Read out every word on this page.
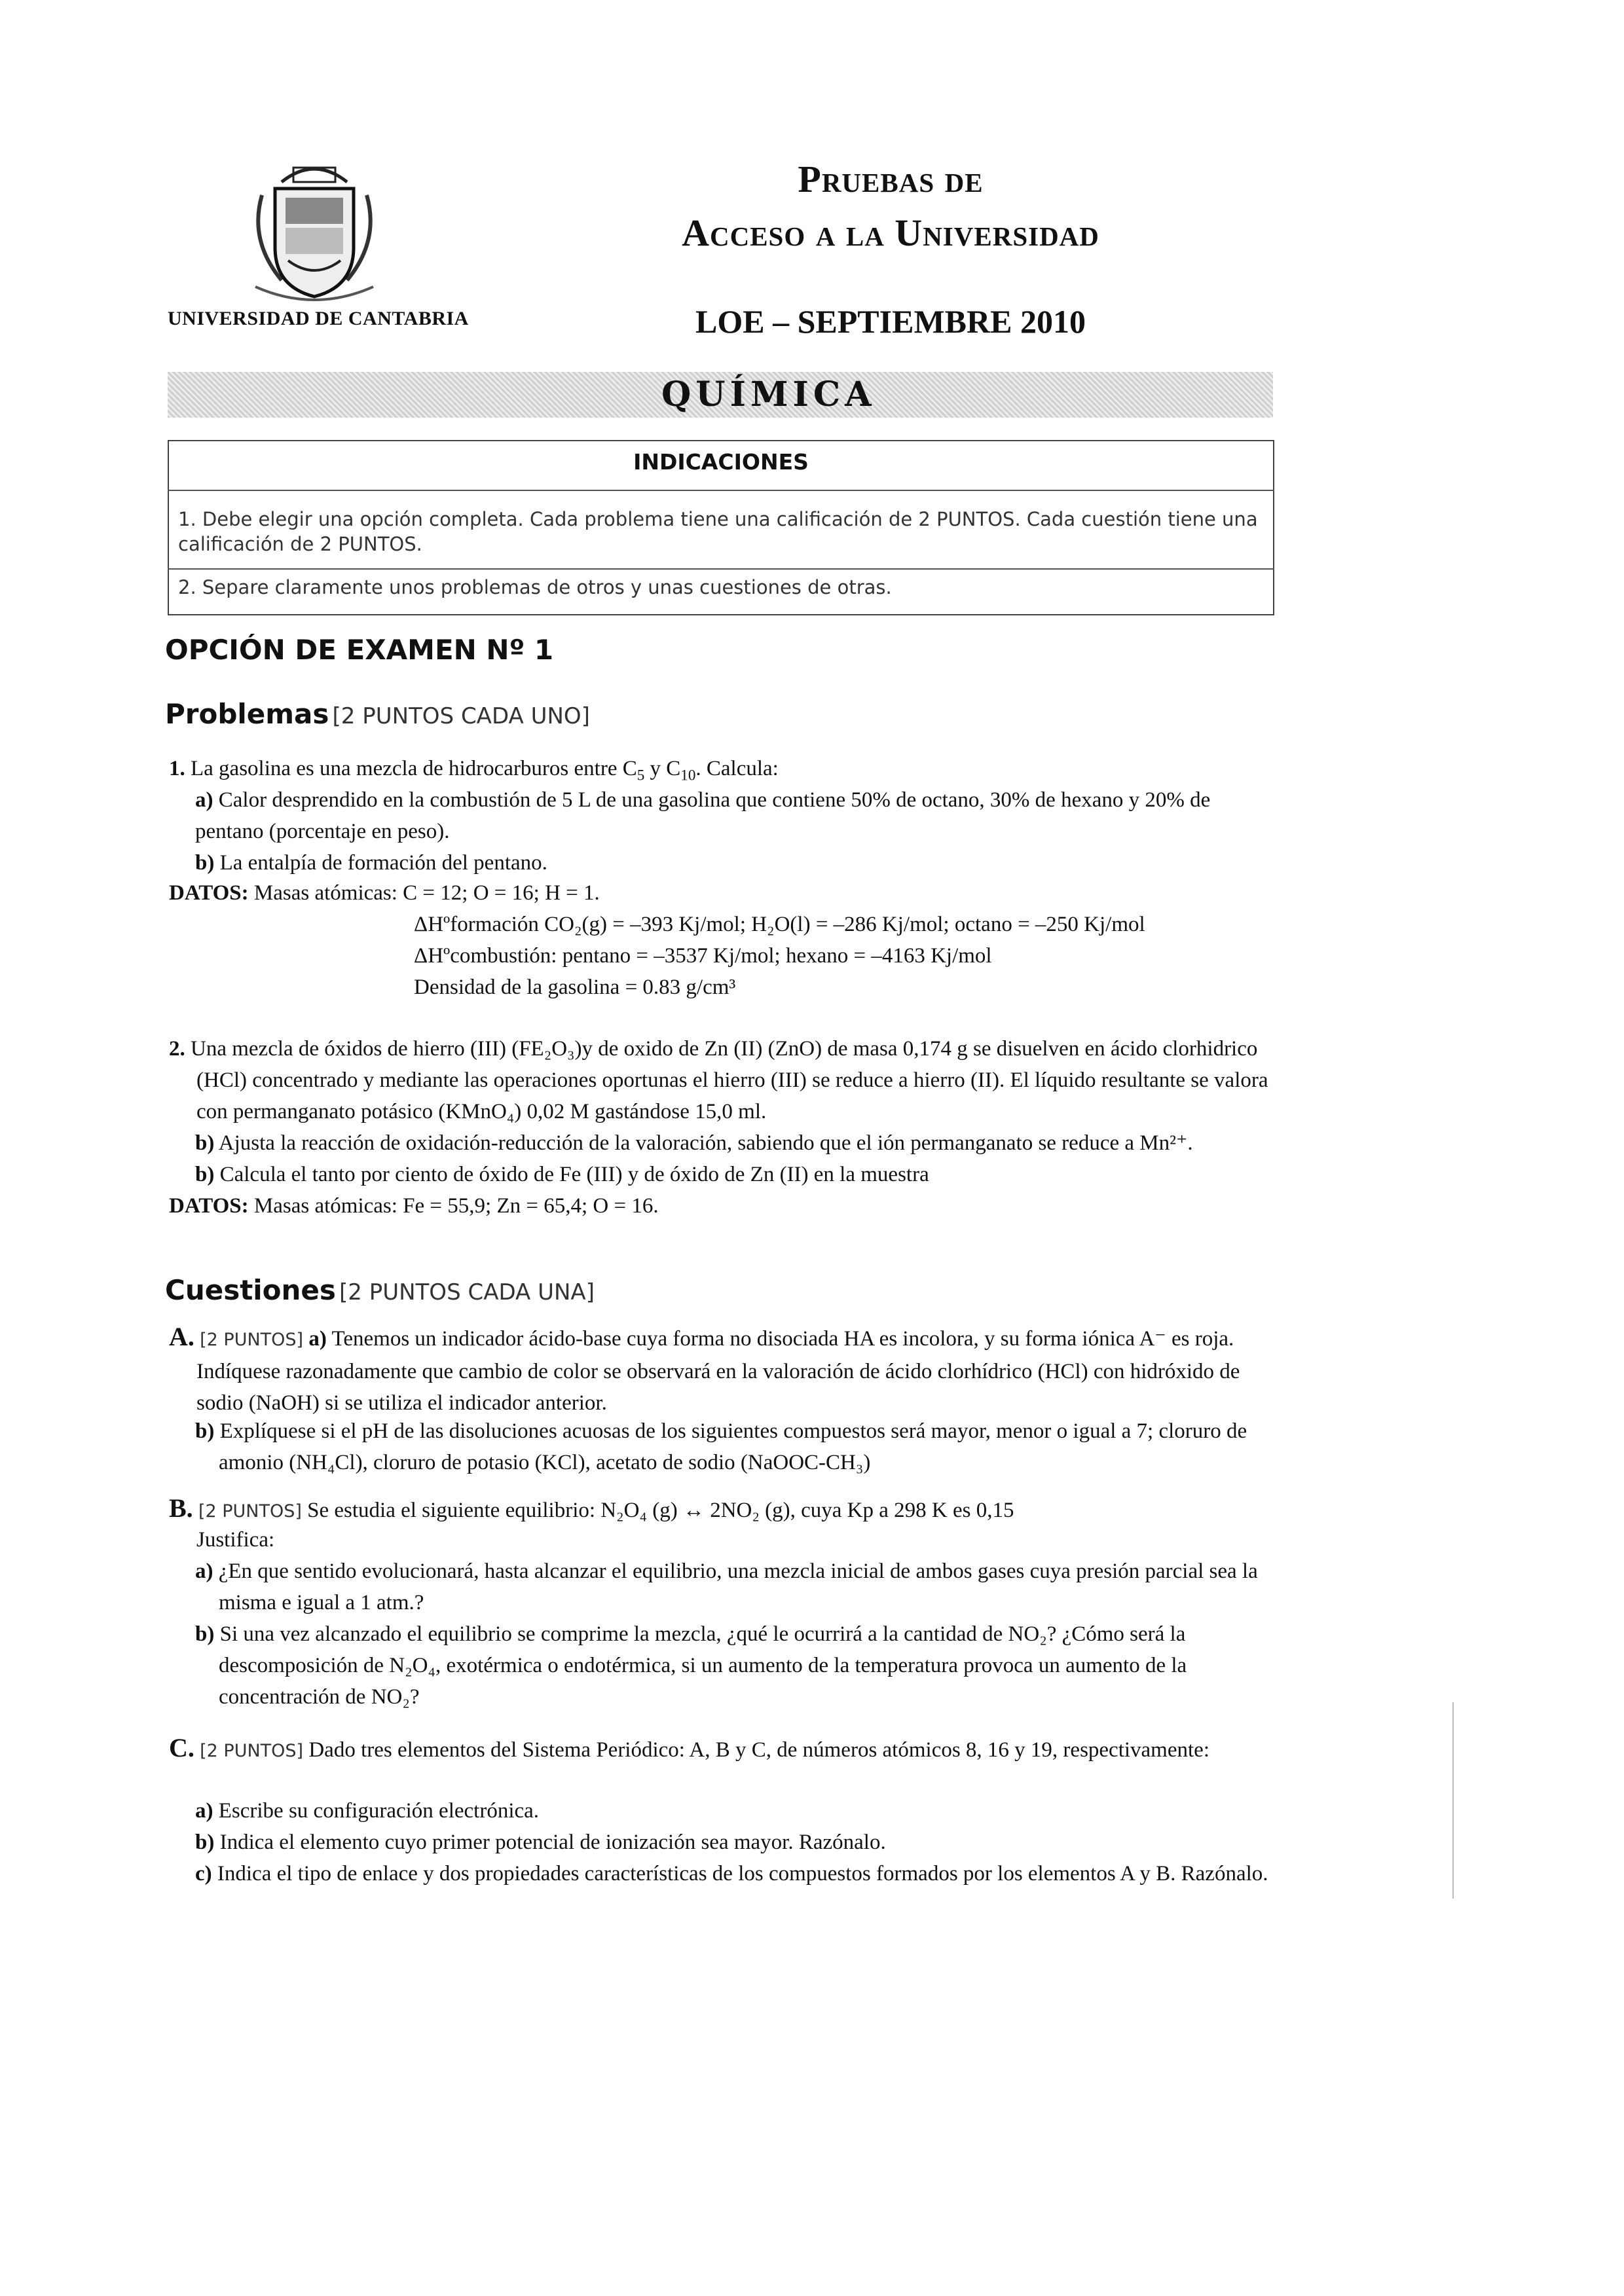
UNIVERSIDAD DE CANTABRIA
Pruebas de
Acceso a la Universidad
LOE – SEPTIEMBRE 2010
QUÍMICA
INDICACIONES
1. Debe elegir una opción completa. Cada problema tiene una calificación de 2 PUNTOS. Cada cuestión tiene una calificación de 2 PUNTOS.
2. Separe claramente unos problemas de otros y unas cuestiones de otras.
OPCIÓN DE EXAMEN Nº 1
Problemas [2 PUNTOS CADA UNO]
1. La gasolina es una mezcla de hidrocarburos entre $C_5$ y $C_{10}$. Calcula:
a) Calor desprendido en la combustión de 5 L de una gasolina que contiene 50% de octano, 30% de hexano y 20% de pentano (porcentaje en peso).
b) La entalpía de formación del pentano.
DATOS: Masas atómicas: C = 12; O = 16; H = 1.
ΔHºformación CO₂(g) = –393 Kj/mol; H₂O(l) = –286 Kj/mol; octano = –250 Kj/mol
ΔHºcombustión: pentano = –3537 Kj/mol; hexano = –4163 Kj/mol
Densidad de la gasolina = 0.83 g/cm³
2. Una mezcla de óxidos de hierro (III) (FE₂O₃)y de oxido de Zn (II) (ZnO) de masa 0,174 g se disuelven en ácido clorhidrico (HCl) concentrado y mediante las operaciones oportunas el hierro (III) se reduce a hierro (II). El líquido resultante se valora con permanganato potásico (KMnO₄) 0,02 M gastándose 15,0 ml.
b) Ajusta la reacción de oxidación-reducción de la valoración, sabiendo que el ión permanganato se reduce a Mn²⁺.
b) Calcula el tanto por ciento de óxido de Fe (III) y de óxido de Zn (II) en la muestra
DATOS: Masas atómicas: Fe = 55,9; Zn = 65,4; O = 16.
Cuestiones [2 PUNTOS CADA UNA]
A. [2 PUNTOS] a) Tenemos un indicador ácido-base cuya forma no disociada HA es incolora, y su forma iónica A⁻ es roja. Indíquese razonadamente que cambio de color se observará en la valoración de ácido clorhídrico (HCl) con hidróxido de sodio (NaOH) si se utiliza el indicador anterior.
b) Explíquese si el pH de las disoluciones acuosas de los siguientes compuestos será mayor, menor o igual a 7; cloruro de amonio (NH₄Cl), cloruro de potasio (KCl), acetato de sodio (NaOOC-CH₃)
B. [2 PUNTOS] Se estudia el siguiente equilibrio: N₂O₄ (g) ↔ 2NO₂ (g), cuya Kp a 298 K es 0,15
Justifica:
a) ¿En que sentido evolucionará, hasta alcanzar el equilibrio, una mezcla inicial de ambos gases cuya presión parcial sea la misma e igual a 1 atm.?
b) Si una vez alcanzado el equilibrio se comprime la mezcla, ¿qué le ocurrirá a la cantidad de NO₂? ¿Cómo será la descomposición de N₂O₄, exotérmica o endotérmica, si un aumento de la temperatura provoca un aumento de la concentración de NO₂?
C. [2 PUNTOS] Dado tres elementos del Sistema Periódico: A, B y C, de números atómicos 8, 16 y 19, respectivamente:
a) Escribe su configuración electrónica.
b) Indica el elemento cuyo primer potencial de ionización sea mayor. Razónalo.
c) Indica el tipo de enlace y dos propiedades características de los compuestos formados por los elementos A y B. Razónalo.
